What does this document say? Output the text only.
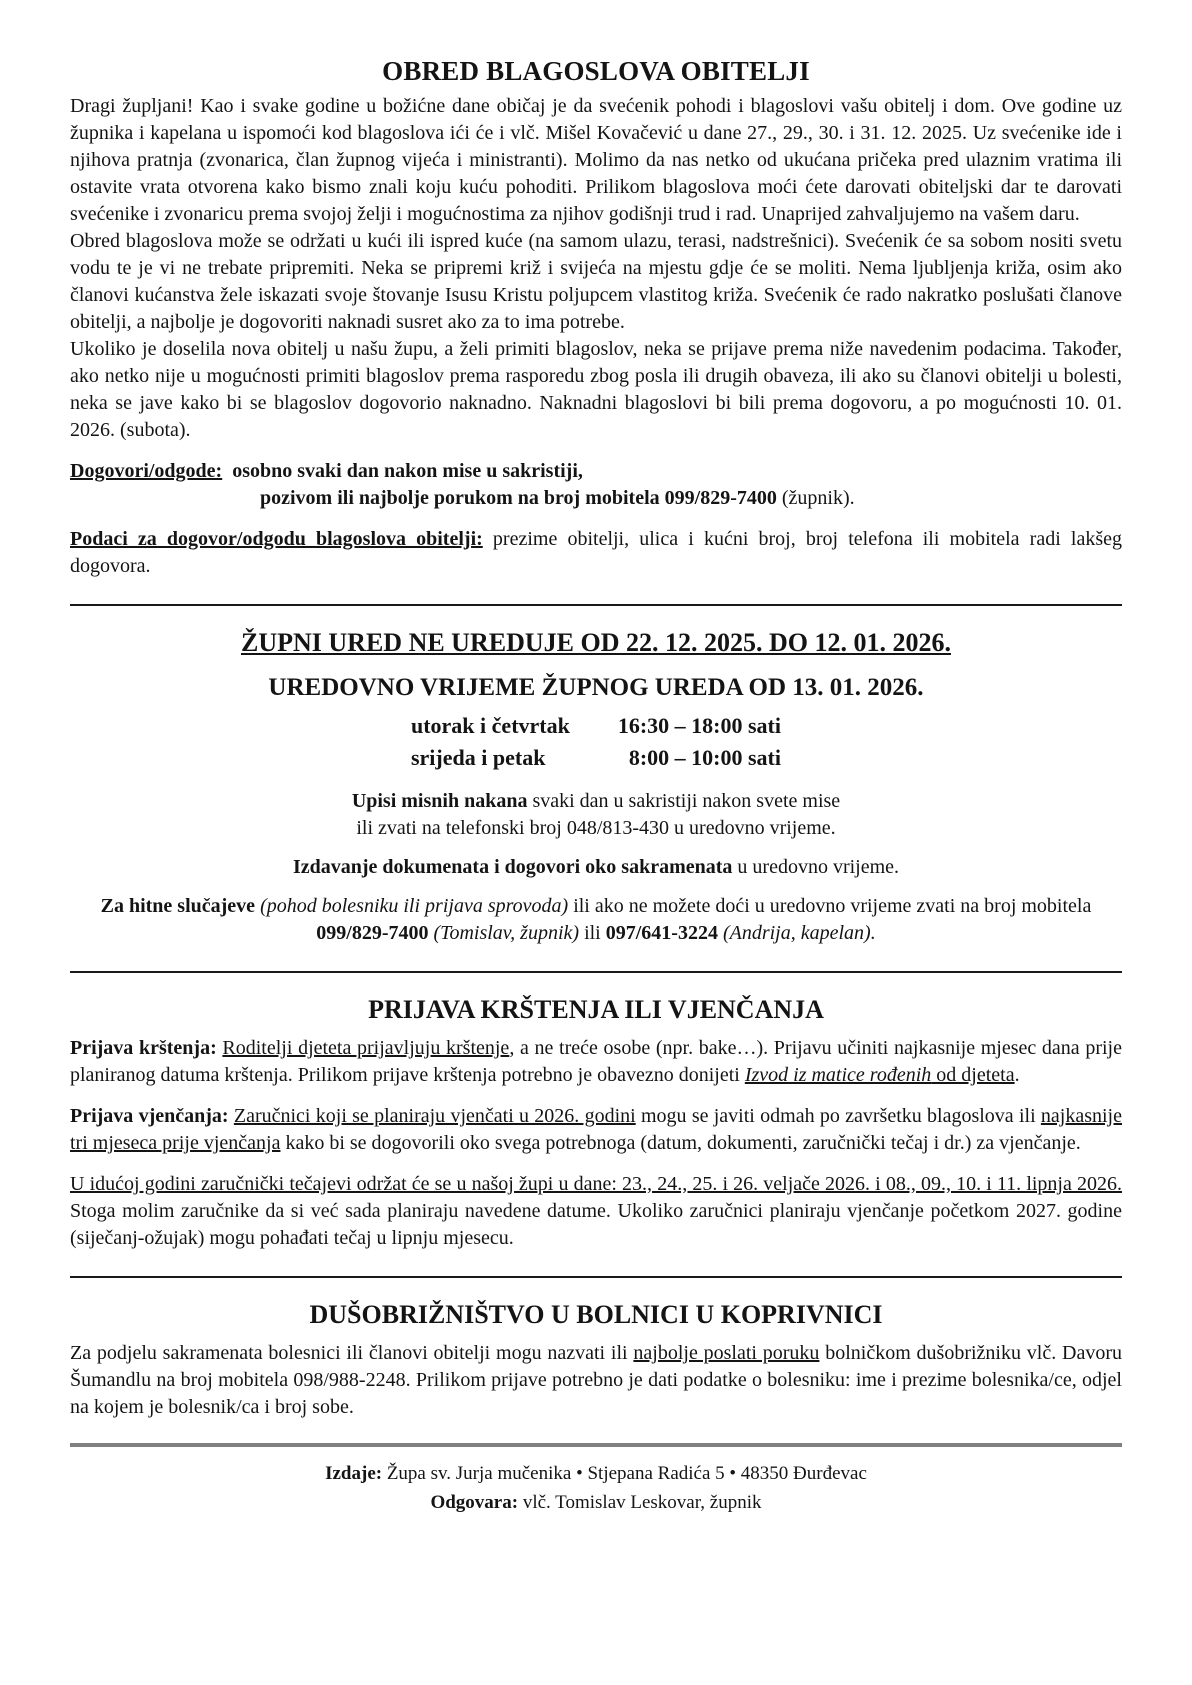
OBRED BLAGOSLOVA OBITELJI

Dragi župljani! Kao i svake godine u božićne dane običaj je da svećenik pohodi i blagoslovi vašu obitelj i dom. Ove godine uz župnika i kapelana u ispomoći kod blagoslova ići će i vlč. Mišel Kovačević u dane 27., 29., 30. i 31. 12. 2025. Uz svećenike ide i njihova pratnja (zvonarica, član župnog vijeća i ministranti). Molimo da nas netko od ukućana pričeka pred ulaznim vratima ili ostavite vrata otvorena kako bismo znali koju kuću pohoditi. Prilikom blagoslova moći ćete darovati obiteljski dar te darovati svećenike i zvonaricu prema svojoj želji i mogućnostima za njihov godišnji trud i rad. Unaprijed zahvaljujemo na vašem daru.

Obred blagoslova može se održati u kući ili ispred kuće (na samom ulazu, terasi, nadstrešnici). Svećenik će sa sobom nositi svetu vodu te je vi ne trebate pripremiti. Neka se pripremi križ i svijeća na mjestu gdje će se moliti. Nema ljubljenja križa, osim ako članovi kućanstva žele iskazati svoje štovanje Isusu Kristu poljupcem vlastitog križa. Svećenik će rado nakratko poslušati članove obitelji, a najbolje je dogovoriti naknadi susret ako za to ima potrebe.

Ukoliko je doselila nova obitelj u našu župu, a želi primiti blagoslov, neka se prijave prema niže navedenim podacima. Također, ako netko nije u mogućnosti primiti blagoslov prema rasporedu zbog posla ili drugih obaveza, ili ako su članovi obitelji u bolesti, neka se jave kako bi se blagoslov dogovorio naknadno. Naknadni blagoslovi bi bili prema dogovoru, a po mogućnosti 10. 01. 2026. (subota).

Dogovori/odgode:  osobno svaki dan nakon mise u sakristiji,
pozivom ili najbolje porukom na broj mobitela 099/829-7400 (župnik).

Podaci za dogovor/odgodu blagoslova obitelji: prezime obitelji, ulica i kućni broj, broj telefona ili mobitela radi lakšeg dogovora.

ŽUPNI URED NE UREDUJE OD 22. 12. 2025. DO 12. 01. 2026.
UREDOVNO VRIJEME ŽUPNOG UREDA OD 13. 01. 2026.
utorak i četvrtak 16:30 – 18:00 sati
srijeda i petak	8:00 – 10:00 sati

Upisi misnih nakana svaki dan u sakristiji nakon svete mise
ili zvati na telefonski broj 048/813-430 u uredovno vrijeme.

Izdavanje dokumenata i dogovori oko sakramenata u uredovno vrijeme.

Za hitne slučajeve (pohod bolesniku ili prijava sprovoda) ili ako ne možete doći u uredovno vrijeme zvati na broj mobitela 099/829-7400 (Tomislav, župnik) ili 097/641-3224 (Andrija, kapelan).

PRIJAVA KRŠTENJA ILI VJENČANJA

Prijava krštenja: Roditelji djeteta prijavljuju krštenje, a ne treće osobe (npr. bake…). Prijavu učiniti najkasnije mjesec dana prije planiranog datuma krštenja. Prilikom prijave krštenja potrebno je obavezno donijeti Izvod iz matice rođenih od djeteta.

Prijava vjenčanja: Zaručnici koji se planiraju vjenčati u 2026. godini mogu se javiti odmah po završetku blagoslova ili najkasnije tri mjeseca prije vjenčanja kako bi se dogovorili oko svega potrebnoga (datum, dokumenti, zaručnički tečaj i dr.) za vjenčanje.

U idućoj godini zaručnički tečajevi održat će se u našoj župi u dane: 23., 24., 25. i 26. veljače 2026. i 08., 09., 10. i 11. lipnja 2026. Stoga molim zaručnike da si već sada planiraju navedene datume. Ukoliko zaručnici planiraju vjenčanje početkom 2027. godine (siječanj-ožujak) mogu pohađati tečaj u lipnju mjesecu.

DUŠOBRIŽNIŠTVO U BOLNICI U KOPRIVNICI

Za podjelu sakramenata bolesnici ili članovi obitelji mogu nazvati ili najbolje poslati poruku bolničkom dušobrižniku vlč. Davoru Šumandlu na broj mobitela 098/988-2248. Prilikom prijave potrebno je dati podatke o bolesniku: ime i prezime bolesnika/ce, odjel na kojem je bolesnik/ca i broj sobe.

Izdaje: Župa sv. Jurja mučenika • Stjepana Radića 5 • 48350 Đurđevac

Odgovara: vlč. Tomislav Leskovar, župnik
